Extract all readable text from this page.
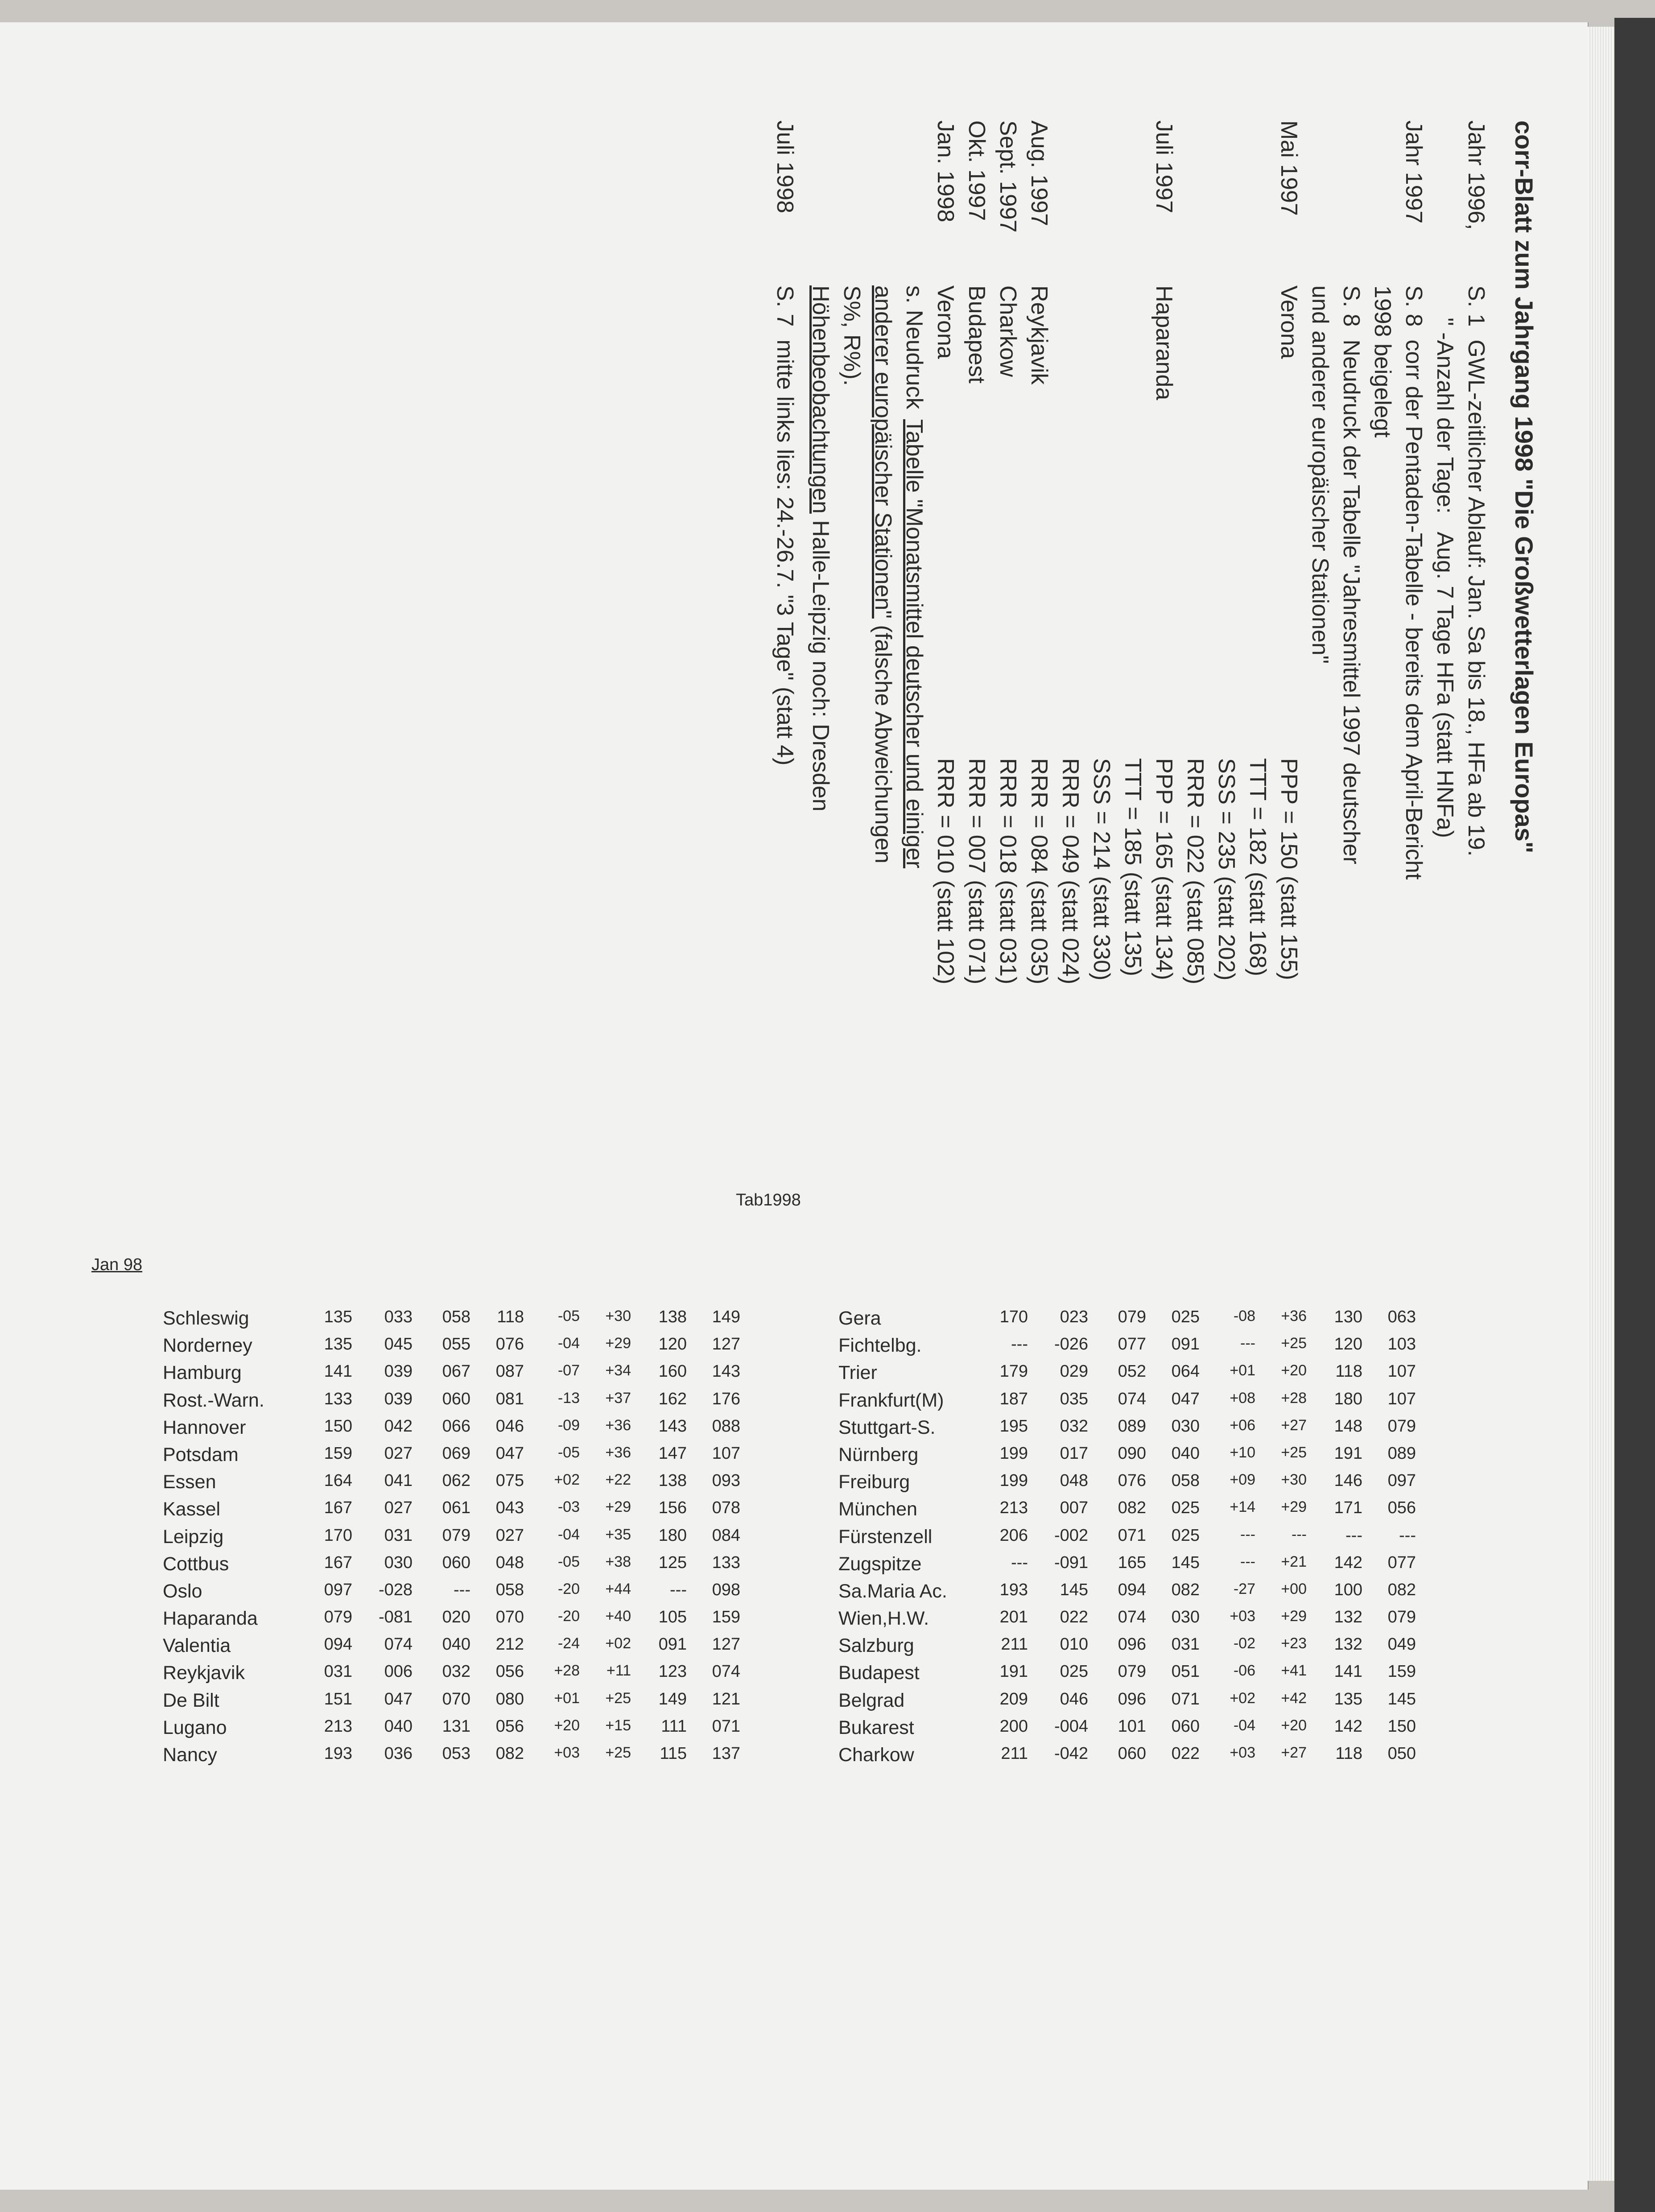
corr-Blatt zum Jahrgang 1998 "Die Großwetterlagen Europas"
Jahr 1996,
S. 1  GWL-zeitlicher Ablauf: Jan. Sa bis 18., HFa ab 19.
" -Anzahl der Tage:   Aug. 7 Tage HFa (statt HNFa)
Jahr 1997
S. 8  corr der Pentaden-Tabelle - bereits dem April-Bericht
1998 beigelegt
S. 8  Neudruck der Tabelle "Jahresmittel 1997 deutscher
und anderer europäischer Stationen"
Mai 1997
Verona
PPP = 150 (statt 155)
TTT = 182 (statt 168)
SSS = 235 (statt 202)
RRR = 022 (statt 085)
Juli 1997
Haparanda
PPP = 165 (statt 134)
TTT = 185 (statt 135)
SSS = 214 (statt 330)
RRR = 049 (statt 024)
Aug. 1997
Reykjavik
RRR = 084 (statt 035)
Sept. 1997
Charkow
RRR = 018 (statt 031)
Okt. 1997
Budapest
RRR = 007 (statt 071)
Jan. 1998
Verona
RRR = 010 (statt 102)

s. Neudruck

Tabelle "Monatsmittel deutscher und einiger

anderer europäischer Stationen" (falsche Abweichungen

S%, R%).

Höhenbeobachtungen Halle-Leipzig noch: Dresden

Juli 1998

S. 7  mitte links lies: 24.-26.7. "3 Tage" (statt 4)

Tab1998
Jan 98
Schleswig	135	033	058	118	-05	+30	138	149
Norderney	135	045	055	076	-04	+29	120	127
Hamburg	141	039	067	087	-07	+34	160	143
Rost.-Warn.	133	039	060	081	-13	+37	162	176
Hannover	150	042	066	046	-09	+36	143	088
Potsdam	159	027	069	047	-05	+36	147	107
Essen	164	041	062	075	+02	+22	138	093
Kassel	167	027	061	043	-03	+29	156	078
Leipzig	170	031	079	027	-04	+35	180	084
Cottbus	167	030	060	048	-05	+38	125	133
Oslo	097	-028	---	058	-20	+44	---	098
Haparanda	079	-081	020	070	-20	+40	105	159
Valentia	094	074	040	212	-24	+02	091	127
Reykjavik	031	006	032	056	+28	+11	123	074
De Bilt	151	047	070	080	+01	+25	149	121
Lugano	213	040	131	056	+20	+15	111	071
Nancy	193	036	053	082	+03	+25	115	137
Gera	170	023	079	025	-08	+36	130	063
Fichtelbg.	---	-026	077	091	---	+25	120	103
Trier	179	029	052	064	+01	+20	118	107
Frankfurt(M)	187	035	074	047	+08	+28	180	107
Stuttgart-S.	195	032	089	030	+06	+27	148	079
Nürnberg	199	017	090	040	+10	+25	191	089
Freiburg	199	048	076	058	+09	+30	146	097
München	213	007	082	025	+14	+29	171	056
Fürstenzell	206	-002	071	025	---	---	---	---
Zugspitze	---	-091	165	145	---	+21	142	077
Sa.Maria Ac.	193	145	094	082	-27	+00	100	082
Wien,H.W.	201	022	074	030	+03	+29	132	079
Salzburg	211	010	096	031	-02	+23	132	049
Budapest	191	025	079	051	-06	+41	141	159
Belgrad	209	046	096	071	+02	+42	135	145
Bukarest	200	-004	101	060	-04	+20	142	150
Charkow	211	-042	060	022	+03	+27	118	050
